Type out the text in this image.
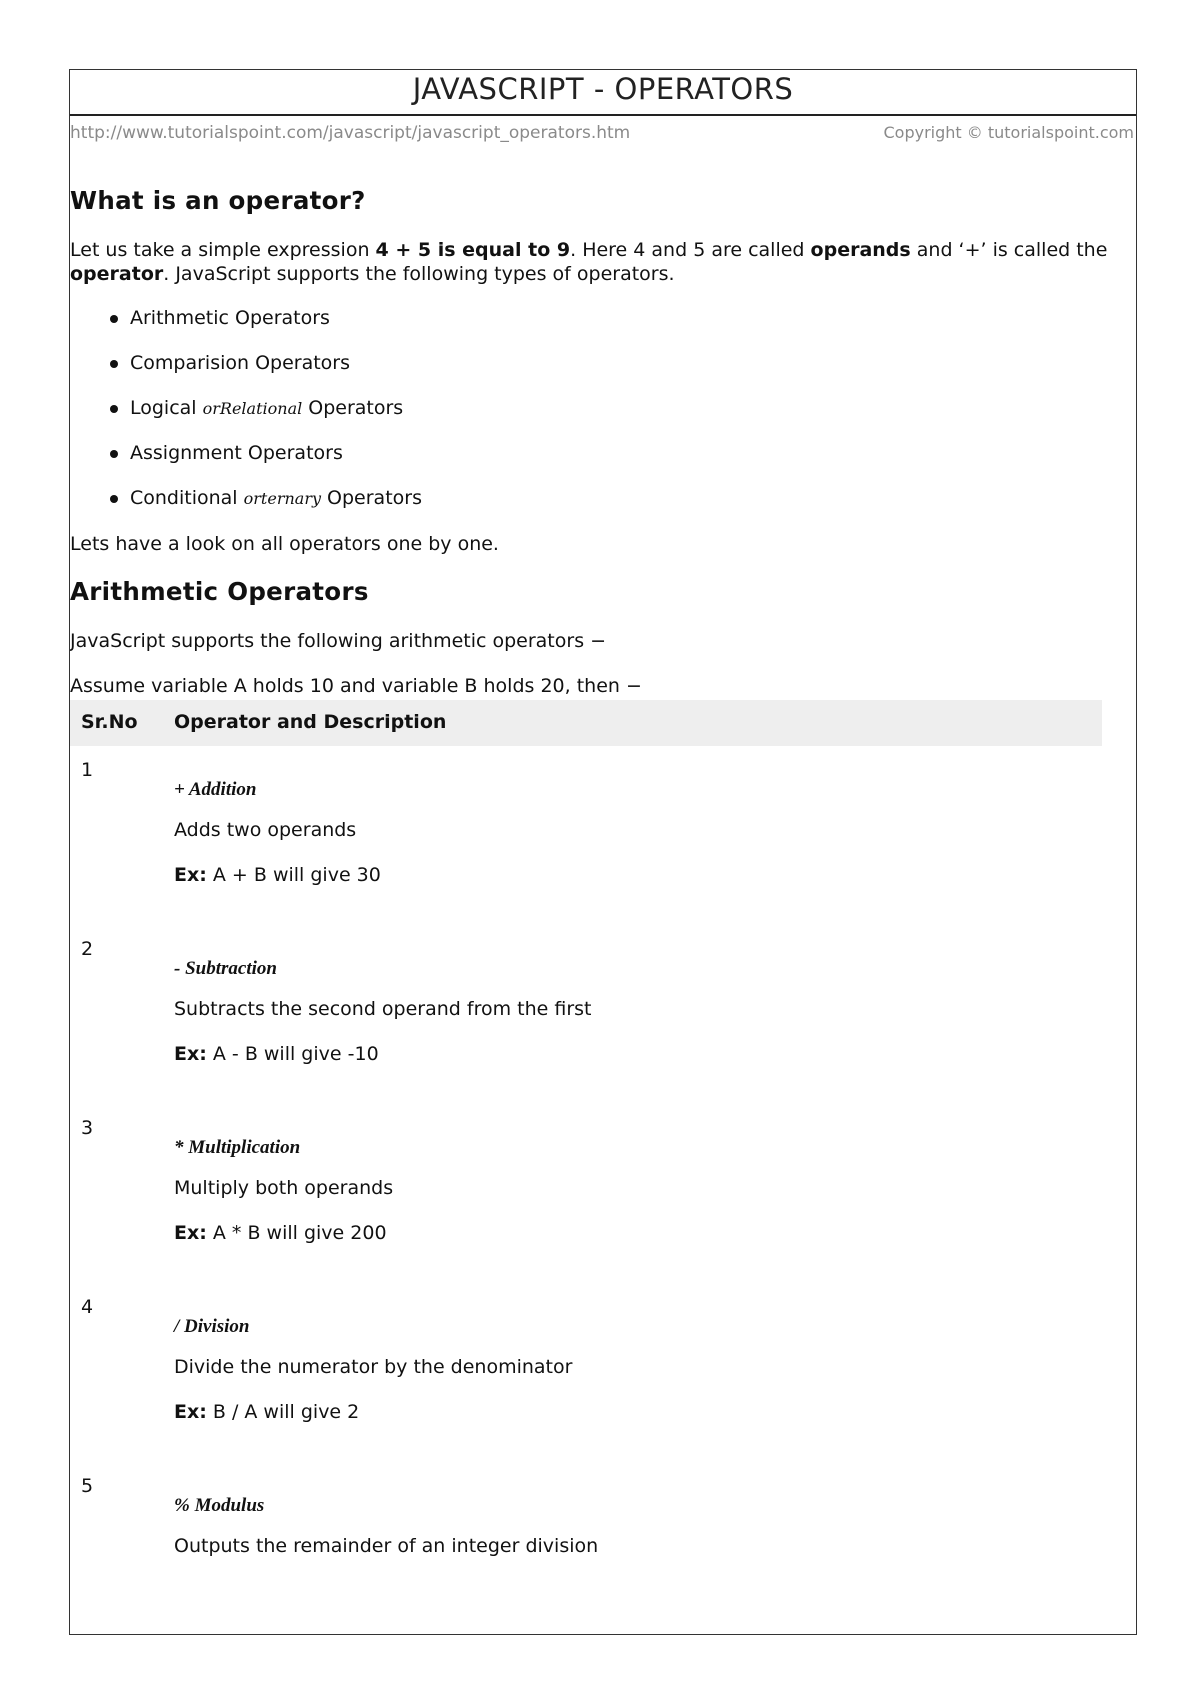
JAVASCRIPT - OPERATORS
http://www.tutorialspoint.com/javascript/javascript_operators.htm	Copyright © tutorialspoint.com
What is an operator?

Let us take a simple expression 4 + 5 is equal to 9. Here 4 and 5 are called operands and ‘+’ is called the operator. JavaScript supports the following types of operators.

Arithmetic Operators
Comparision Operators
Logical orRelational Operators
Assignment Operators
Conditional orternary Operators

Lets have a look on all operators one by one.

Arithmetic Operators

JavaScript supports the following arithmetic operators −

Assume variable A holds 10 and variable B holds 20, then −

Sr.No Operator and Description
1
+ Addition
Adds two operands
Ex: A + B will give 30
2
- Subtraction
Subtracts the second operand from the first
Ex: A - B will give -10
3
* Multiplication
Multiply both operands
Ex: A * B will give 200
4
/ Division
Divide the numerator by the denominator
Ex: B / A will give 2
5
% Modulus
Outputs the remainder of an integer division
